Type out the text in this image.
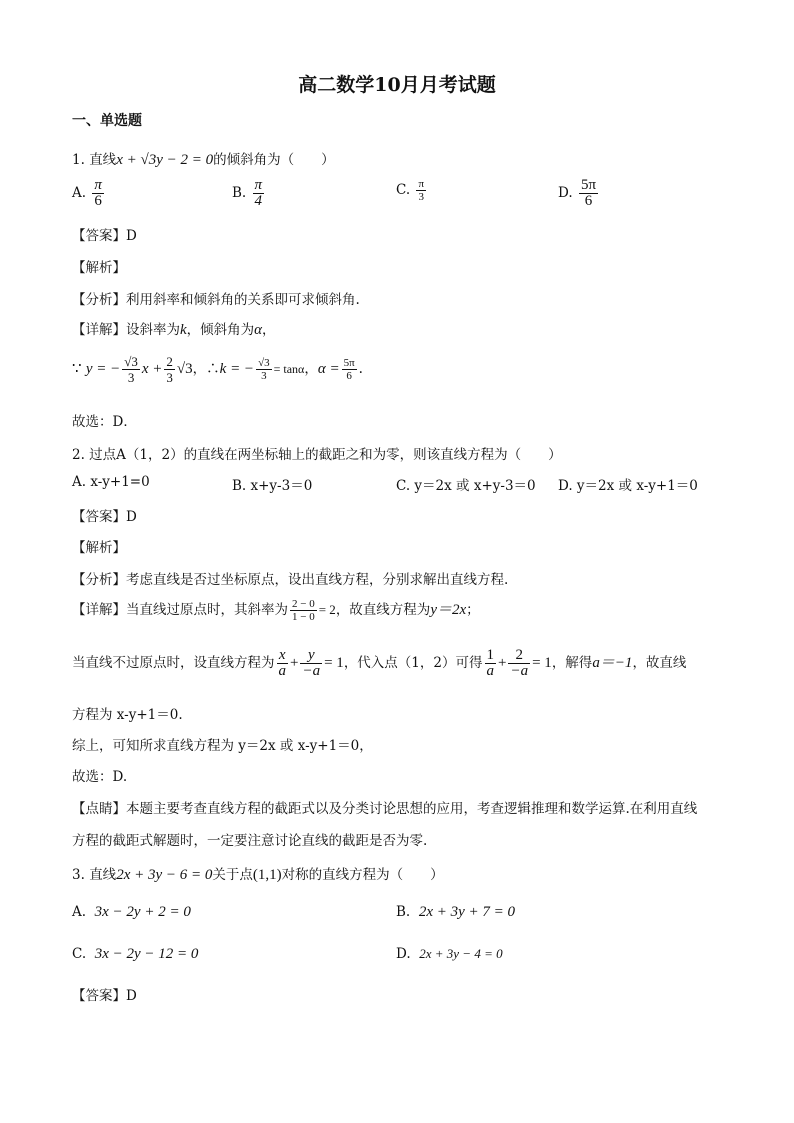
高二数学10月月考试题
一、单选题
1. 直线x + √3y − 2 = 0的倾斜角为（　　）
A. $\frac{\pi}{6}$	B. $\frac{\pi}{4}$	C. $\frac{\pi}{3}$	D. $\frac{5\pi}{6}$
【答案】D
【解析】
【分析】利用斜率和倾斜角的关系即可求倾斜角.
【详解】设斜率为k，倾斜角为α，
∵ y = − $\frac{√3}{3}$ $x + \frac{2}{3} √3$，∴k = − $\frac{√3}{3} = \tan\alpha$，$\alpha = \frac{5\pi}{6}$ .
故选：D．
2. 过点A（1，2）的直线在两坐标轴上的截距之和为零，则该直线方程为（　　）
A. x-y+1=0	B. x+y-3＝0	C. y＝2x 或 x+y-3＝0 D. y＝2x 或 x-y+1＝0
【答案】D
【解析】
【分析】考虑直线是否过坐标原点，设出直线方程，分别求解出直线方程.
【详解】当直线过原点时，其斜率为 $\frac{2 - 0}{1 - 0} = 2$，故直线方程为y＝2x；
当直线不过原点时，设直线方程为 $\frac{x}{a} + \frac{y}{-a} = 1$，代入点（1，2）可得 $\frac{1}{a} + \frac{2}{-a} = 1$，解得a＝−1，故直线
方程为 x-y+1＝0.
综上，可知所求直线方程为 y＝2x 或 x-y+1＝0，
故选：D.
【点睛】本题主要考查直线方程的截距式以及分类讨论思想的应用，考查逻辑推理和数学运算.在利用直线
方程的截距式解题时，一定要注意讨论直线的截距是否为零.
3. 直线2x + 3y − 6 = 0关于点(1,1)对称的直线方程为（　　）
A. 3x − 2y + 2 = 0	B. 2x + 3y + 7 = 0
C. 3x − 2y − 12 = 0	D. 2x + 3y − 4 = 0
【答案】D
